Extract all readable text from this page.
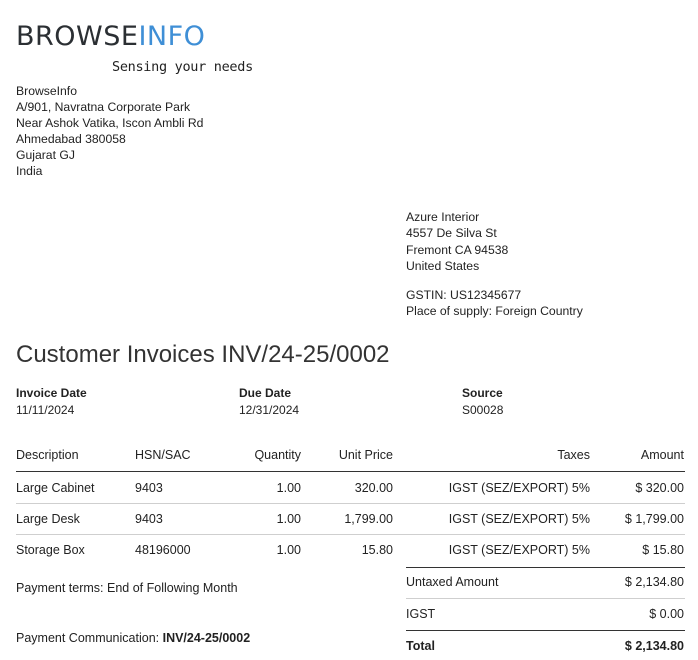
BROWSEINFO
Sensing your needs
BrowseInfo
A/901, Navratna Corporate Park
Near Ashok Vatika, Iscon Ambli Rd
Ahmedabad 380058
Gujarat GJ
India
Azure Interior
4557 De Silva St
Fremont CA 94538
United States
GSTIN: US12345677
Place of supply: Foreign Country
Customer Invoices INV/24-25/0002
Invoice Date
11/11/2024
Due Date
12/31/2024
Source
S00028
Description	HSN/SAC	Quantity	Unit Price	Taxes	Amount
Large Cabinet	9403	1.00	320.00	IGST (SEZ/EXPORT) 5%	$ 320.00
Large Desk	9403	1.00	1,799.00	IGST (SEZ/EXPORT) 5%	$ 1,799.00
Storage Box	48196000	1.00	15.80	IGST (SEZ/EXPORT) 5%	$ 15.80
Payment terms: End of Following Month
Payment Communication: INV/24-25/0002
Untaxed Amount	$ 2,134.80
IGST	$ 0.00
Total	$ 2,134.80
